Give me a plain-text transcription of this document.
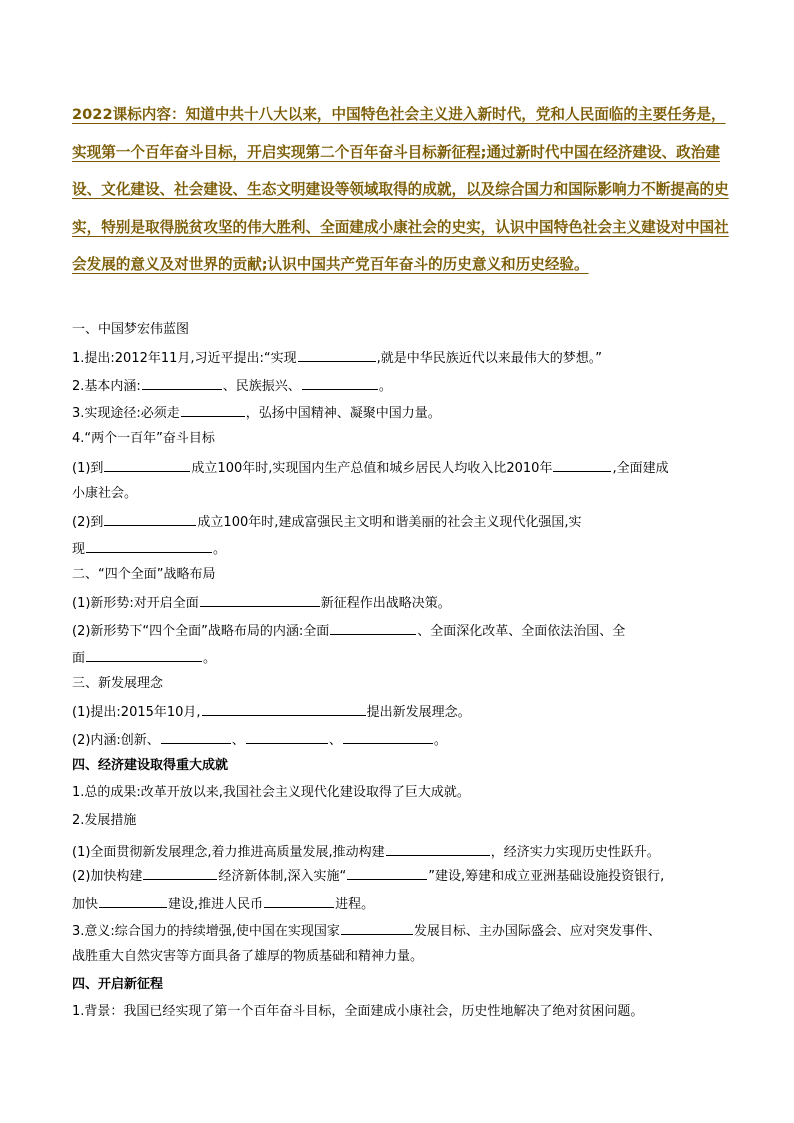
2022课标内容：知道中共十八大以来，中国特色社会主义进入新时代，党和人民面临的主要任务是，实现第一个百年奋斗目标，开启实现第二个百年奋斗目标新征程;通过新时代中国在经济建设、政治建设、文化建设、社会建设、生态文明建设等领域取得的成就，以及综合国力和国际影响力不断提高的史实，特别是取得脱贫攻坚的伟大胜利、全面建成小康社会的史实，认识中国特色社会主义建设对中国社会发展的意义及对世界的贡献;认识中国共产党百年奋斗的历史意义和历史经验。

一、中国梦宏伟蓝图

1.提出:2012年11月,习近平提出:“实现	,就是中华民族近代以来最伟大的梦想。”

2.基本内涵:	、民族振兴、	。

3.实现途径:必须走	，弘扬中国精神、凝聚中国力量。

4.“两个一百年”奋斗目标

(1)到	成立100年时,实现国内生产总值和城乡居民人均收入比2010年	,全面建成

小康社会。

(2)到	成立100年时,建成富强民主文明和谐美丽的社会主义现代化强国,实

现	。

二、“四个全面”战略布局

(1)新形势:对开启全面	新征程作出战略决策。

(2)新形势下“四个全面”战略布局的内涵:全面	、全面深化改革、全面依法治国、全

面	。

三、新发展理念

(1)提出:2015年10月,	提出新发展理念。

(2)内涵:创新、	、	、	。

四、经济建设取得重大成就

1.总的成果:改革开放以来,我国社会主义现代化建设取得了巨大成就。

2.发展措施

(1)全面贯彻新发展理念,着力推进高质量发展,推动构建	，经济实力实现历史性跃升。

(2)加快构建	经济新体制,深入实施“	”建设,筹建和成立亚洲基础设施投资银行,

加快	建设,推进人民币	进程。

3.意义:综合国力的持续增强,使中国在实现国家	发展目标、主办国际盛会、应对突发事件、

战胜重大自然灾害等方面具备了雄厚的物质基础和精神力量。

四、开启新征程

1.背景：我国已经实现了第一个百年奋斗目标，全面建成小康社会，历史性地解决了绝对贫困问题。
